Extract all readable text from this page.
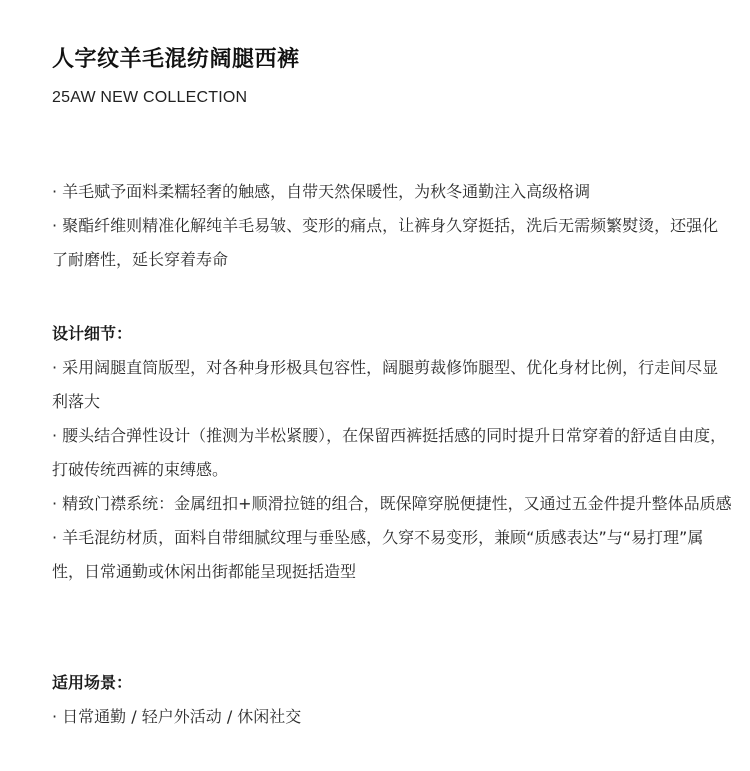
人字纹羊毛混纺阔腿西裤
25AW NEW COLLECTION

· 羊毛赋予面料柔糯轻奢的触感，自带天然保暖性，为秋冬通勤注入高级格调

· 聚酯纤维则精准化解纯羊毛易皱、变形的痛点，让裤身久穿挺括，洗后无需频繁熨烫，还强化了耐磨性，延长穿着寿命

设计细节：

· 采用阔腿直筒版型，对各种身形极具包容性，阔腿剪裁修饰腿型、优化身材比例，行走间尽显利落大

· 腰头结合弹性设计（推测为半松紧腰），在保留西裤挺括感的同时提升日常穿着的舒适自由度，打破传统西裤的束缚感。

· 精致门襟系统：金属纽扣+顺滑拉链的组合，既保障穿脱便捷性，又通过五金件提升整体品质感

· 羊毛混纺材质，面料自带细腻纹理与垂坠感，久穿不易变形，兼顾“质感表达”与“易打理”属性，日常通勤或休闲出街都能呈现挺括造型

适用场景：

· 日常通勤 / 轻户外活动 / 休闲社交
